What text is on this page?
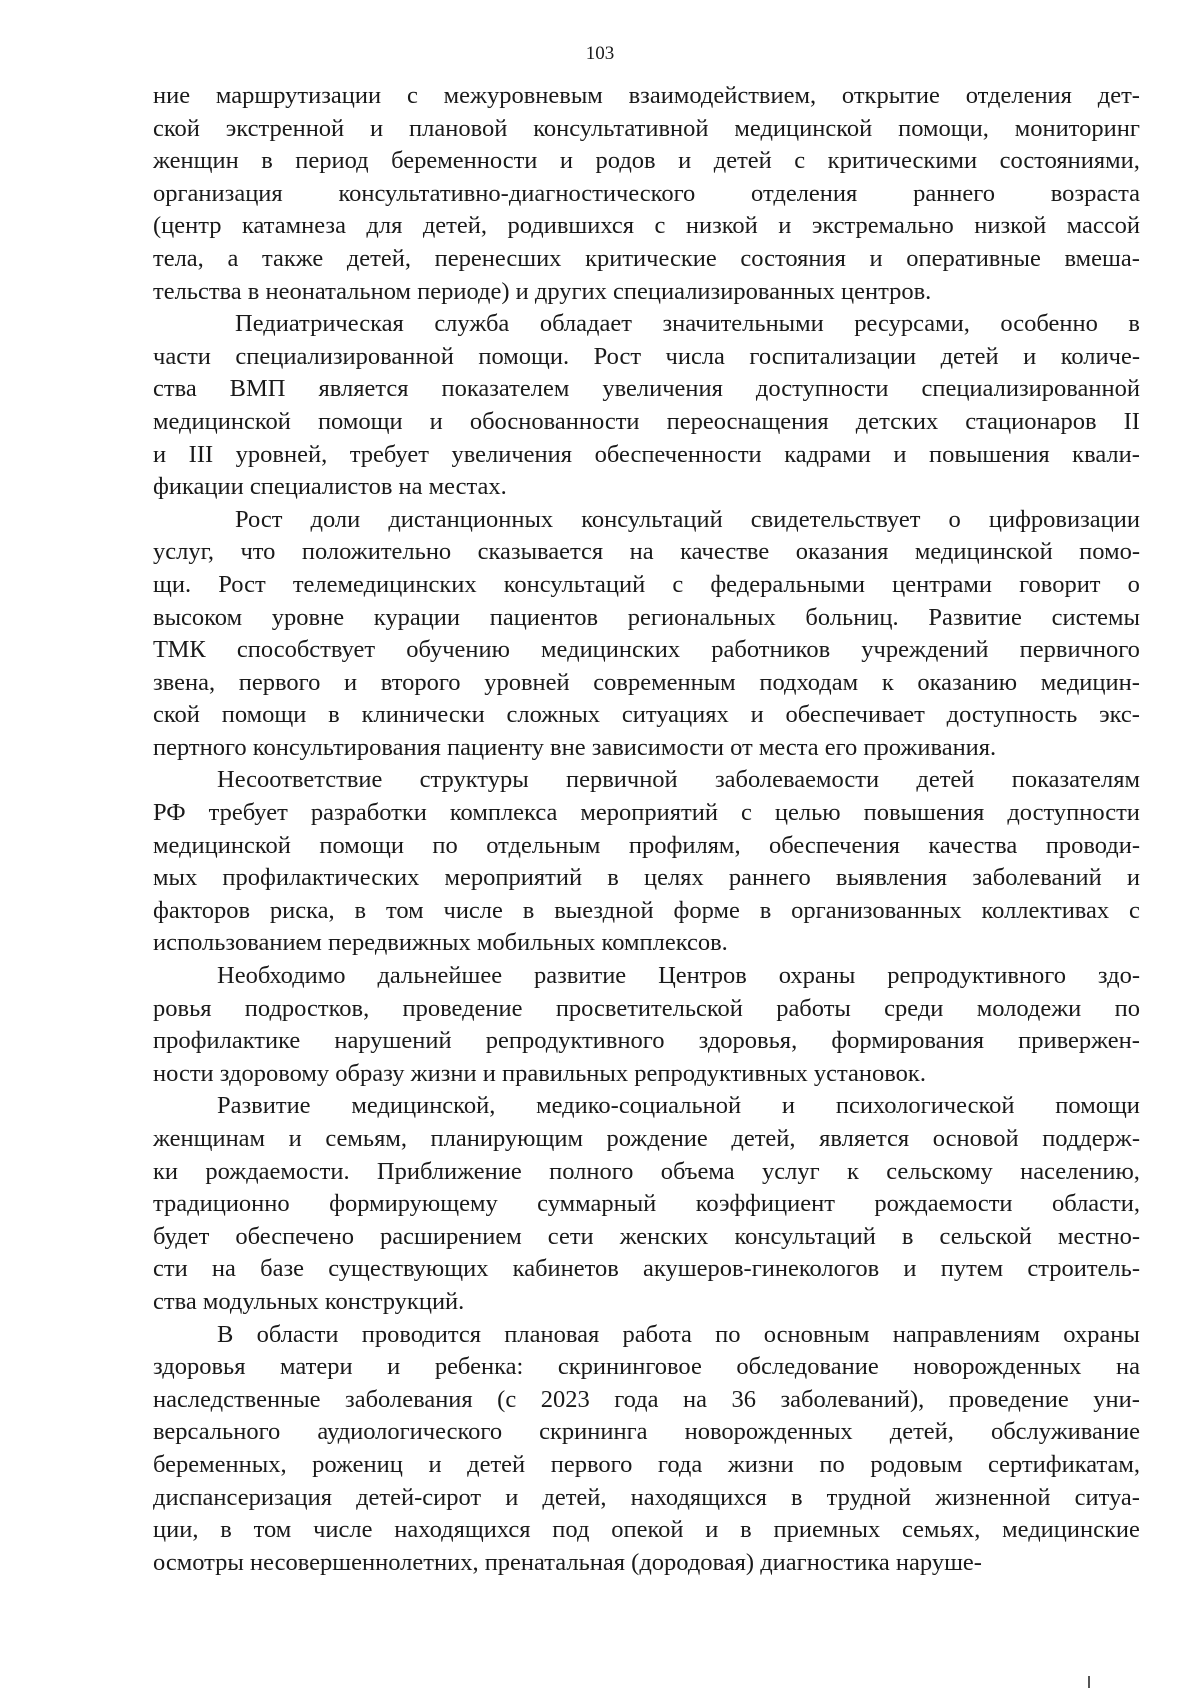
103
ние маршрутизации с межуровневым взаимодействием, открытие отделения дет-
ской экстренной и плановой консультативной медицинской помощи, мониторинг
женщин в период беременности и родов и детей с критическими состояниями,
организация консультативно-диагностического отделения раннего возраста
(центр катамнеза для детей, родившихся с низкой и экстремально низкой массой
тела, а также детей, перенесших критические состояния и оперативные вмеша-
тельства в неонатальном периоде) и других специализированных центров.
Педиатрическая служба обладает значительными ресурсами, особенно в
части специализированной помощи. Рост числа госпитализации детей и количе-
ства ВМП является показателем увеличения доступности специализированной
медицинской помощи и обоснованности переоснащения детских стационаров II
и III уровней, требует увеличения обеспеченности кадрами и повышения квали-
фикации специалистов на местах.
Рост доли дистанционных консультаций свидетельствует о цифровизации
услуг, что положительно сказывается на качестве оказания медицинской помо-
щи. Рост телемедицинских консультаций с федеральными центрами говорит о
высоком уровне курации пациентов региональных больниц. Развитие системы
ТМК способствует обучению медицинских работников учреждений первичного
звена, первого и второго уровней современным подходам к оказанию медицин-
ской помощи в клинически сложных ситуациях и обеспечивает доступность экс-
пертного консультирования пациенту вне зависимости от места его проживания.
Несоответствие структуры первичной заболеваемости детей показателям
РФ требует разработки комплекса мероприятий с целью повышения доступности
медицинской помощи по отдельным профилям, обеспечения качества проводи-
мых профилактических мероприятий в целях раннего выявления заболеваний и
факторов риска, в том числе в выездной форме в организованных коллективах с
использованием передвижных мобильных комплексов.
Необходимо дальнейшее развитие Центров охраны репродуктивного здо-
ровья подростков, проведение просветительской работы среди молодежи по
профилактике нарушений репродуктивного здоровья, формирования привержен-
ности здоровому образу жизни и правильных репродуктивных установок.
Развитие медицинской, медико-социальной и психологической помощи
женщинам и семьям, планирующим рождение детей, является основой поддерж-
ки рождаемости. Приближение полного объема услуг к сельскому населению,
традиционно формирующему суммарный коэффициент рождаемости области,
будет обеспечено расширением сети женских консультаций в сельской местно-
сти на базе существующих кабинетов акушеров-гинекологов и путем строитель-
ства модульных конструкций.
В области проводится плановая работа по основным направлениям охраны
здоровья матери и ребенка: скрининговое обследование новорожденных на
наследственные заболевания (с 2023 года на 36 заболеваний), проведение уни-
версального аудиологического скрининга новорожденных детей, обслуживание
беременных, рожениц и детей первого года жизни по родовым сертификатам,
диспансеризация детей-сирот и детей, находящихся в трудной жизненной ситуа-
ции, в том числе находящихся под опекой и в приемных семьях, медицинские
осмотры несовершеннолетних, пренатальная (дородовая) диагностика наруше-
